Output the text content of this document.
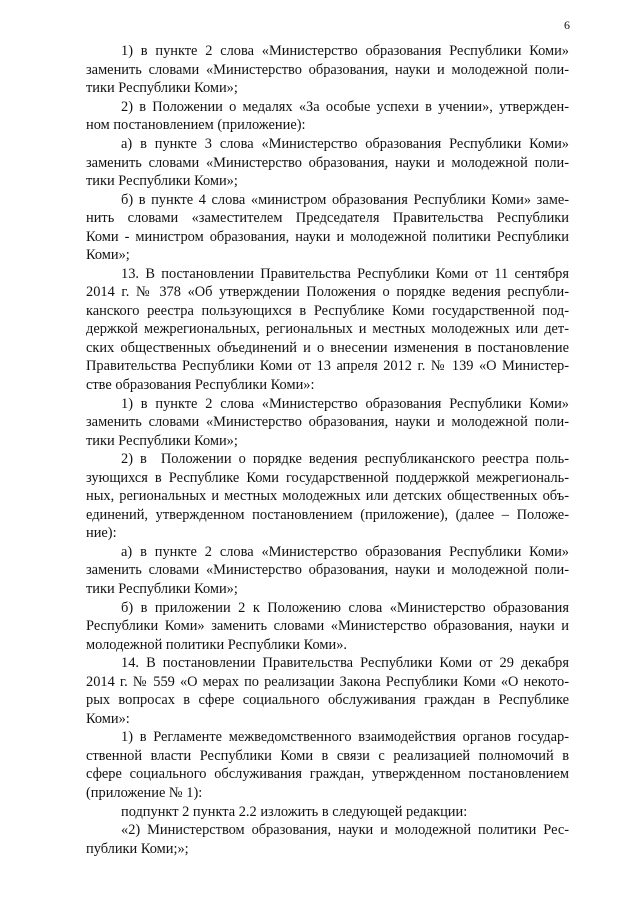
6
1) в пункте 2 слова «Министерство образования Республики Коми»
заменить словами «Министерство образования, науки и молодежной поли-
тики Республики Коми»;
2) в Положении о медалях «За особые успехи в учении», утвержден-
ном постановлением (приложение):
а) в пункте 3 слова «Министерство образования Республики Коми»
заменить словами «Министерство образования, науки и молодежной поли-
тики Республики Коми»;
б) в пункте 4 слова «министром образования Республики Коми» заме-
нить словами «заместителем Председателя Правительства Республики
Коми - министром образования, науки и молодежной политики Республики
Коми»;
13. В постановлении Правительства Республики Коми от 11 сентября
2014 г. № 378 «Об утверждении Положения о порядке ведения республи-
канского реестра пользующихся в Республике Коми государственной под-
держкой межрегиональных, региональных и местных молодежных или дет-
ских общественных объединений и о внесении изменения в постановление
Правительства Республики Коми от 13 апреля 2012 г. № 139 «О Министер-
стве образования Республики Коми»:
1) в пункте 2 слова «Министерство образования Республики Коми»
заменить словами «Министерство образования, науки и молодежной поли-
тики Республики Коми»;
2) в  Положении о порядке ведения республиканского реестра поль-
зующихся в Республике Коми государственной поддержкой межрегиональ-
ных, региональных и местных молодежных или детских общественных объ-
единений, утвержденном постановлением (приложение), (далее – Положе-
ние):
а) в пункте 2 слова «Министерство образования Республики Коми»
заменить словами «Министерство образования, науки и молодежной поли-
тики Республики Коми»;
б) в приложении 2 к Положению слова «Министерство образования
Республики Коми» заменить словами «Министерство образования, науки и
молодежной политики Республики Коми».
14. В постановлении Правительства Республики Коми от 29 декабря
2014 г. № 559 «О мерах по реализации Закона Республики Коми «О некото-
рых вопросах в сфере социального обслуживания граждан в Республике
Коми»:
1) в Регламенте межведомственного взаимодействия органов государ-
ственной власти Республики Коми в связи с реализацией полномочий в
сфере социального обслуживания граждан, утвержденном постановлением
(приложение № 1):
подпункт 2 пункта 2.2 изложить в следующей редакции:
«2) Министерством образования, науки и молодежной политики Рес-
публики Коми;»;
